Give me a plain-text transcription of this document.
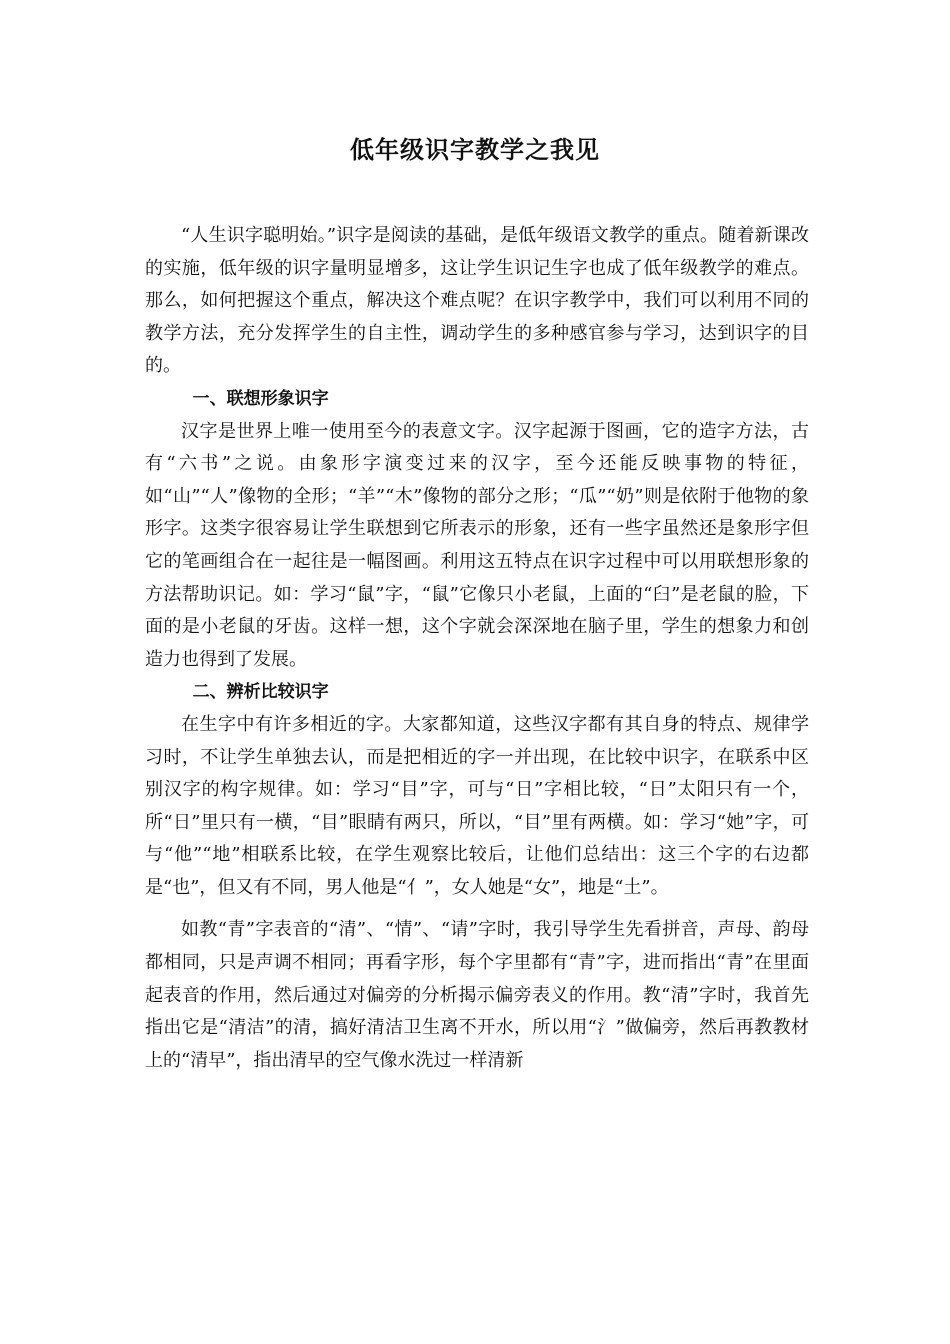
低年级识字教学之我见

“人生识字聪明始。”识字是阅读的基础，是低年级语文教学的重点。随着新课改的实施，低年级的识字量明显增多，这让学生识记生字也成了低年级教学的难点。那么，如何把握这个重点，解决这个难点呢？在识字教学中，我们可以利用不同的教学方法，充分发挥学生的自主性，调动学生的多种感官参与学习，达到识字的目的。

一、联想形象识字

汉字是世界上唯一使用至今的表意文字。汉字起源于图画，它的造字方法，古有“六书”之说。由象形字演变过来的汉字，至今还能反映事物的特征，如“山”“人”像物的全形；“羊”“木”像物的部分之形；“瓜”“奶”则是依附于他物的象形字。这类字很容易让学生联想到它所表示的形象，还有一些字虽然还是象形字但它的笔画组合在一起往是一幅图画。利用这五特点在识字过程中可以用联想形象的方法帮助识记。如：学习“鼠”字，“鼠”它像只小老鼠，上面的“臼”是老鼠的脸，下面的是小老鼠的牙齿。这样一想，这个字就会深深地在脑子里，学生的想象力和创造力也得到了发展。

二、辨析比较识字

在生字中有许多相近的字。大家都知道，这些汉字都有其自身的特点、规律学习时，不让学生单独去认，而是把相近的字一并出现，在比较中识字，在联系中区别汉字的构字规律。如：学习“目”字，可与“日”字相比较，“日”太阳只有一个，所“日”里只有一横，“目”眼睛有两只，所以，“目”里有两横。如：学习“她”字，可与“他”“地”相联系比较，在学生观察比较后，让他们总结出：这三个字的右边都是“也”，但又有不同，男人他是“亻”，女人她是“女”，地是“土”。

如教“青”字表音的“清”、“情”、“请”字时，我引导学生先看拼音，声母、韵母都相同，只是声调不相同；再看字形，每个字里都有“青”字，进而指出“青”在里面起表音的作用，然后通过对偏旁的分析揭示偏旁表义的作用。教“清”字时，我首先指出它是“清洁”的清，搞好清洁卫生离不开水，所以用“氵”做偏旁，然后再教教材上的“清早”，指出清早的空气像水洗过一样清新
